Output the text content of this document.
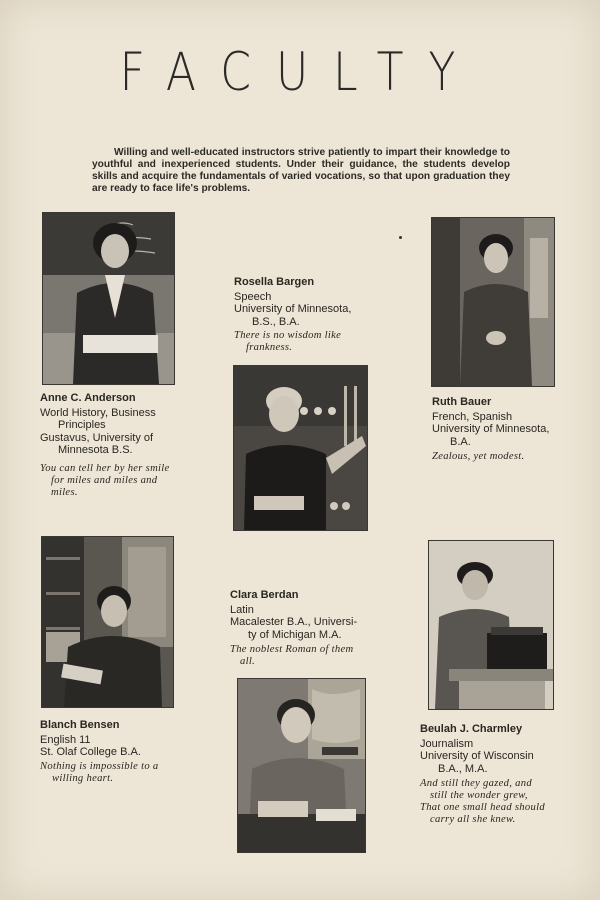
FACULTY
Willing and well-educated instructors strive patiently to impart their knowledge to youthful and inexperienced students. Under their guidance, the students develop skills and acquire the fundamentals of varied vocations, so that upon graduation they are ready to face life's problems.
Anne C. Anderson
World History, Business
Principles
Gustavus, University of
Minnesota B.S.
You can tell her by her smile
for miles and miles and
miles.
Rosella Bargen
Speech
University of Minnesota,
B.S., B.A.
There is no wisdom like
frankness.
Ruth Bauer
French, Spanish
University of Minnesota,
B.A.
Zealous, yet modest.
Blanch Bensen
English 11
St. Olaf College B.A.
Nothing is impossible to a
willing heart.
Clara Berdan
Latin
Macalester B.A., Universi-
ty of Michigan M.A.
The noblest Roman of them
all.
Beulah J. Charmley
Journalism
University of Wisconsin
B.A., M.A.
And still they gazed, and
still the wonder grew,
That one small head should
carry all she knew.
